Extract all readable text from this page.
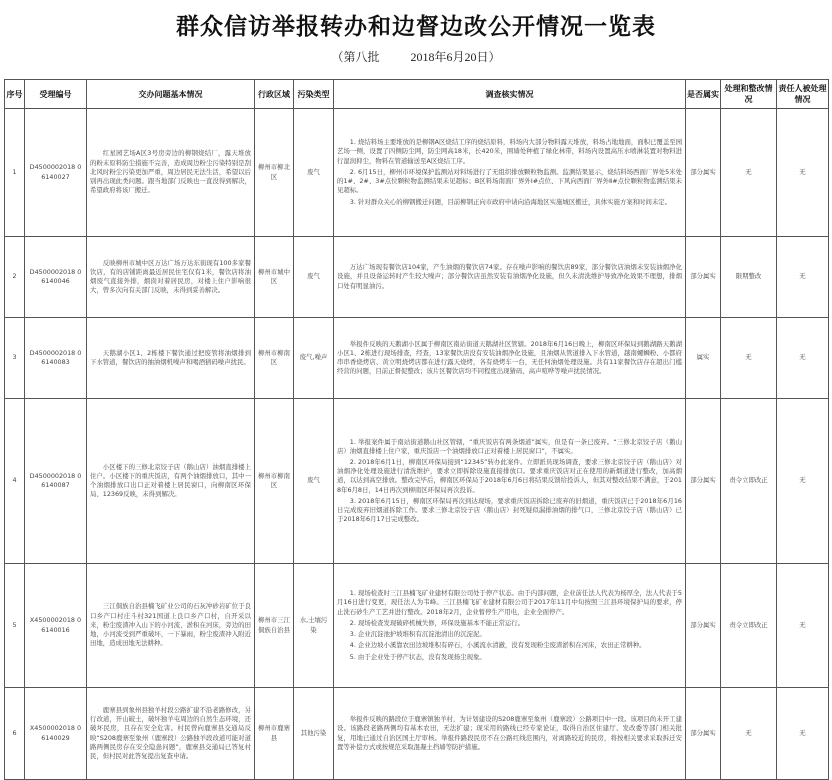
群众信访举报转办和边督边改公开情况一览表
（第八批	2018年6月20日）
序号	受理编号	交办问题基本情况	行政区域	污染类型	调查核实情况	是否属实	处理和整改情况	责任人被处理情况
1	D4500002018 06140027	红星园艺场A区3号房旁边的柳钢烧结厂，露天堆放的粉末原料防尘措施不完善，造成周边粉尘污染特别是刮北风时粉尘污染更加严重，周边居民无法生活，希望以后别再出现此类问题。跟当地部门反映也一直没得到解决，希望政府将该厂搬迁。	柳州市柳北区	废气	1. 烧结料场主要堆放的是柳钢A区烧结工序的烧结原料，料场内大部分物料露天堆放，料场占地地面，面积已覆盖至园艺场一侧，设置了四侧防尘网，防尘网高18米，长420米，围墙处种植了绿化林带，料场内设置高压水喷淋装置对物料进行湿润抑尘，物料在管道输送至A区烧结工序。

2. 6月15日，柳州市环境保护监测站对料场进行了无组织排放颗粒物监测。监测结果显示，烧结料场西面厂界处5米处的1#、2#、3#点位颗粒物监测结果未见超标；B区料场南面厂界外Ⅰ#点位、下风向西面厂界外Ⅱ#点位颗粒物监测结果未见超标。

3. 针对群众关心的柳钢搬迁问题，目前柳钢正向市政府申请向沿海地区实施城区搬迁，具体实施方案和时间未定。	部分属实	无	无
2	D4500002018 06140046	反映柳州市城中区万达广场万达东街现有100多家餐饮店，有的店铺距离最近居民住宅仅有1米，餐饮店将油烟废气直接外排，烟囱对着居民房，对楼上住户影响很大，曾多次向有关部门反映，未得到妥善解决。	柳州市城中区	废气	万达广场现有餐饮店104家，产生油烟的餐饮店74家。存在噪声影响的餐饮店89家，部分餐饮店油烟未安装油烟净化设施，并且设备运转时产生较大噪声；部分餐饮店虽然安装有油烟净化设施，但久未清洗维护导致净化效果不理想，排烟口处有明显油污。	部分属实	限期整改	无
3	D4500002018 06140083	天鹅湖小区1、2栋楼下餐饮通过把废管将油烟排到下水管道，餐饮店的抽油烟机噪声和喝酒猜码噪声扰民。	柳州市柳南区	废气,噪声	举报件反映的天鹅湖小区属于柳南区南站街道天鹅湖社区管辖。2018年6月16日晚上，柳南区环保局到鹅湖路天鹅湖小区1、2栋进行现场排查，经查，13家餐饮店没有安装油烟净化设施，且油烟从管道排入下水管道，越南螺蛳粉、小都府串串香烧烤店、黄立明烧烤店都在进行露天烧烤，各有烧烤车一台，无任何油烟处理设施。共有11家餐饮店存在超出门槛经营的问题，目前正督促整改；该片区餐饮店均不同程度出现猜码、高声喧哗等噪声扰民情况。	属实	无	无
4	D4500002018 06140087	小区楼下的三修北京饺子店（鹅山店）油烟直排楼上住户。小区楼下的重庆饭店，有两个油烟排放口，其中一个油烟排放口出口正对着楼上居民窗口，向柳南区环保局、12369反映，未得到解决。	柳州市柳南区	废气	1. 举报案件属于南站街道鹅山社区管辖，“重庆饭店有两条烟道”属实，但是有一条已废弃。“三修北京饺子店（鹅山店）油烟直排楼上住户家，重庆饭店一个油烟排放口正对着楼上居民窗口”，不属实。

2. 2018年6月1日，柳南区环保局接到“12345”转办此案件。立即派员现场调查，要求三修北京饺子店（鹅山店）对油烟净化处理设施进行清洗维护，要求立即拆除设施直接排放口。要求重庆饭店对正在使用的新烟道进行整改，加高烟道，以达到高空排放。整改完毕后，柳南区环保局于2018年6月6日将结果反馈给投诉人，但其对整改结果不满意，于2018年6月8日，14日再次到柳南区环保局再次投诉。

3. 2018年6月15日，柳南区环保局再次到达现场，要求重庆饭店拆除已废弃的旧烟道，重庆饭店已于2018年6月16日完成废弃旧烟道拆除工作。要求三修北京饺子店（鹅山店）封死疑似漏排油烟的排气口，三修北京饺子店（鹅山店）已于2018年6月17日完成整改。	部分属实	责令立即改正	无
5	X4500002018 06140016	三江侗族自治县楠飞矿业公司的石灰冲砂岩矿位于良口乡产口村庄斗村321国道上良口乡产口村，自开采以来，粉尘废渣冲入山下的小河流，淤积在河床，旁边的田地，小河流受到严重破坏，一下暴雨，粉尘废渣冲入附近田地，造成田地无法耕种。	柳州市三江侗族自治县	水,土壤污染	1. 现场检查时三江县楠飞矿业建材有限公司处于停产状态。由于内部问题，企业前任法人代表为杨厚全，法人代表于5月16日进行变更，现任法人为韦峰。三江县楠飞矿业建材有限公司于2017年11月中旬按照三江县环境保护局的要求，停止洗石砂生产工艺并进行整改。2018年2月，企业暂停生产用电，企业全面停产。

2. 现场检查发现破碎机械失修，环保设施基本不能正常运行。

3. 企业沉淀池护坡堆积有沉淀池清出的沉淀泥。

4. 企业边坡小溪靠农田边坡堆积有碎石，小溪流水清澈，没有发现粉尘废渣淤积在河床，农田正常耕种。

5. 由于企业处于停产状态，没有发现扬尘现象。	部分属实	责令立即改正	无
6	X4500002018 06140029	鹿寨县到象州县独羊村段公路扩建不沿老路修改，另行改道，开山破土，破坏独羊屯周边的自然生态环境，还破坏民房，且存在安全危害。村民曾向鹿寨县交通局反映“S208鹿寨至象州（鹿寨段）公路独羊段改道可能对道路两侧民房存在安全隐患问题”，鹿寨县交通局已答复村民，但村民对此答复提出复查申请。	柳州市鹿寨县	其他污染	举报件反映的路段位于鹿寨镇独羊村，为计划建设的S208鹿寨至象州（鹿寨段）公路项目中一段。该项目尚未开工建设。该路段老路两侧均有基本农田，无法扩建；现采用的路线已经专家论证，取得自治区住建厅、发改委等部门相关批复，用地已通过自治区国土厅审核。举报件路段民房不在公路红线范围内，对离路较近的民房，将按相关要求采取拆迁安置等补偿方式或按规范采取混凝土挡墙等防护措施。	部分属实	无	无
